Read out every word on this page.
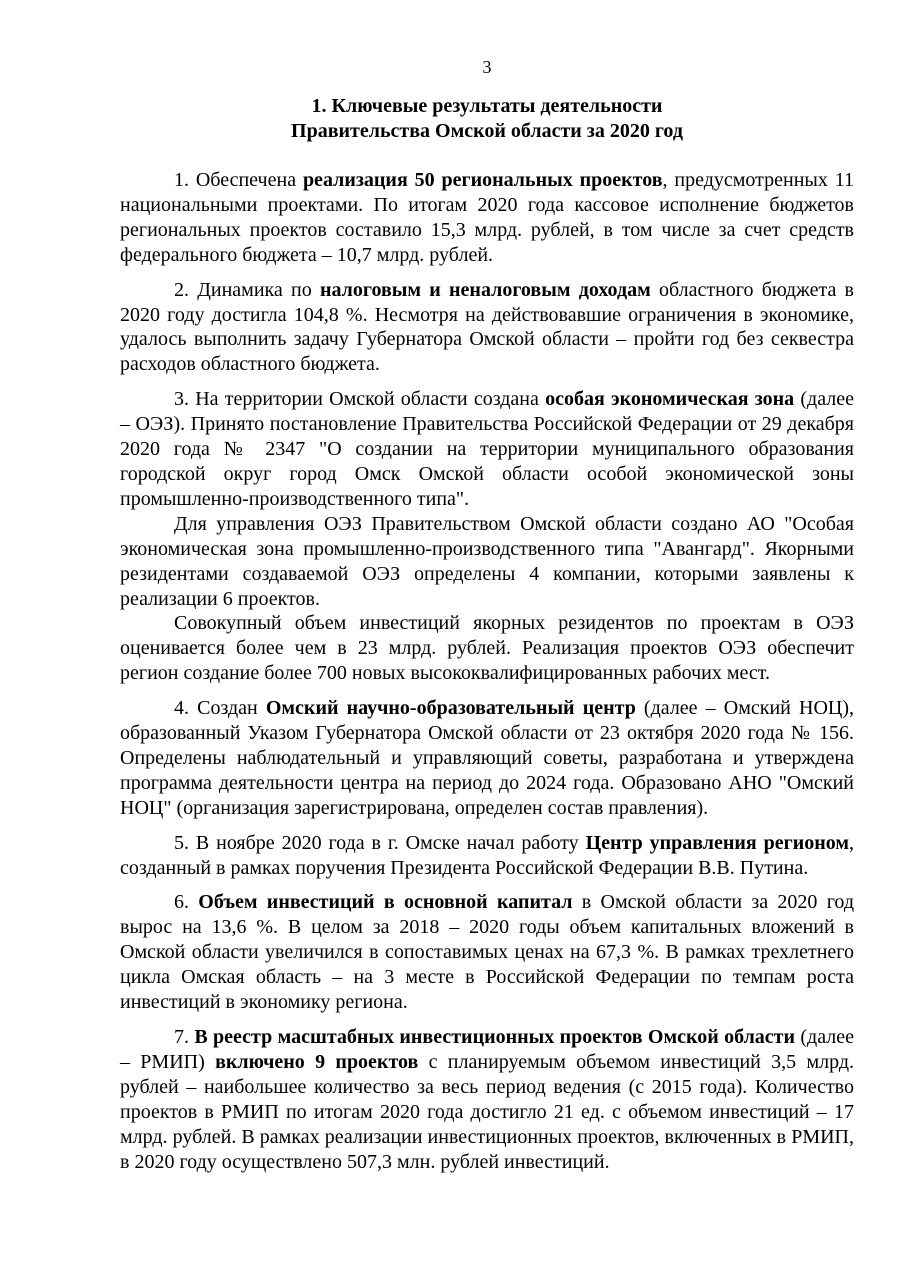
3
1. Ключевые результаты деятельности
Правительства Омской области за 2020 год

1. Обеспечена реализация 50 региональных проектов, предусмотренных 11 национальными проектами. По итогам 2020 года кассовое исполнение бюджетов региональных проектов составило 15,3 млрд. рублей, в том числе за счет средств федерального бюджета – 10,7 млрд. рублей.

2. Динамика по налоговым и неналоговым доходам областного бюджета в 2020 году достигла 104,8 %. Несмотря на действовавшие ограничения в экономике, удалось выполнить задачу Губернатора Омской области – пройти год без секвестра расходов областного бюджета.

3. На территории Омской области создана особая экономическая зона (далее – ОЭЗ). Принято постановление Правительства Российской Федерации от 29 декабря 2020 года № 2347 "О создании на территории муниципального образования городской округ город Омск Омской области особой экономической зоны промышленно-производственного типа".

Для управления ОЭЗ Правительством Омской области создано АО "Особая экономическая зона промышленно-производственного типа "Авангард". Якорными резидентами создаваемой ОЭЗ определены 4 компании, которыми заявлены к реализации 6 проектов.

Совокупный объем инвестиций якорных резидентов по проектам в ОЭЗ оценивается более чем в 23 млрд. рублей. Реализация проектов ОЭЗ обеспечит регион создание более 700 новых высококвалифицированных рабочих мест.

4. Создан Омский научно-образовательный центр (далее – Омский НОЦ), образованный Указом Губернатора Омской области от 23 октября 2020 года № 156. Определены наблюдательный и управляющий советы, разработана и утверждена программа деятельности центра на период до 2024 года. Образовано АНО "Омский НОЦ" (организация зарегистрирована, определен состав правления).

5. В ноябре 2020 года в г. Омске начал работу Центр управления регионом, созданный в рамках поручения Президента Российской Федерации В.В. Путина.

6. Объем инвестиций в основной капитал в Омской области за 2020 год вырос на 13,6 %. В целом за 2018 – 2020 годы объем капитальных вложений в Омской области увеличился в сопоставимых ценах на 67,3 %. В рамках трехлетнего цикла Омская область – на 3 месте в Российской Федерации по темпам роста инвестиций в экономику региона.

7. В реестр масштабных инвестиционных проектов Омской области (далее – РМИП) включено 9 проектов с планируемым объемом инвестиций 3,5 млрд. рублей – наибольшее количество за весь период ведения (с 2015 года). Количество проектов в РМИП по итогам 2020 года достигло 21 ед. с объемом инвестиций – 17 млрд. рублей. В рамках реализации инвестиционных проектов, включенных в РМИП, в 2020 году осуществлено 507,3 млн. рублей инвестиций.
